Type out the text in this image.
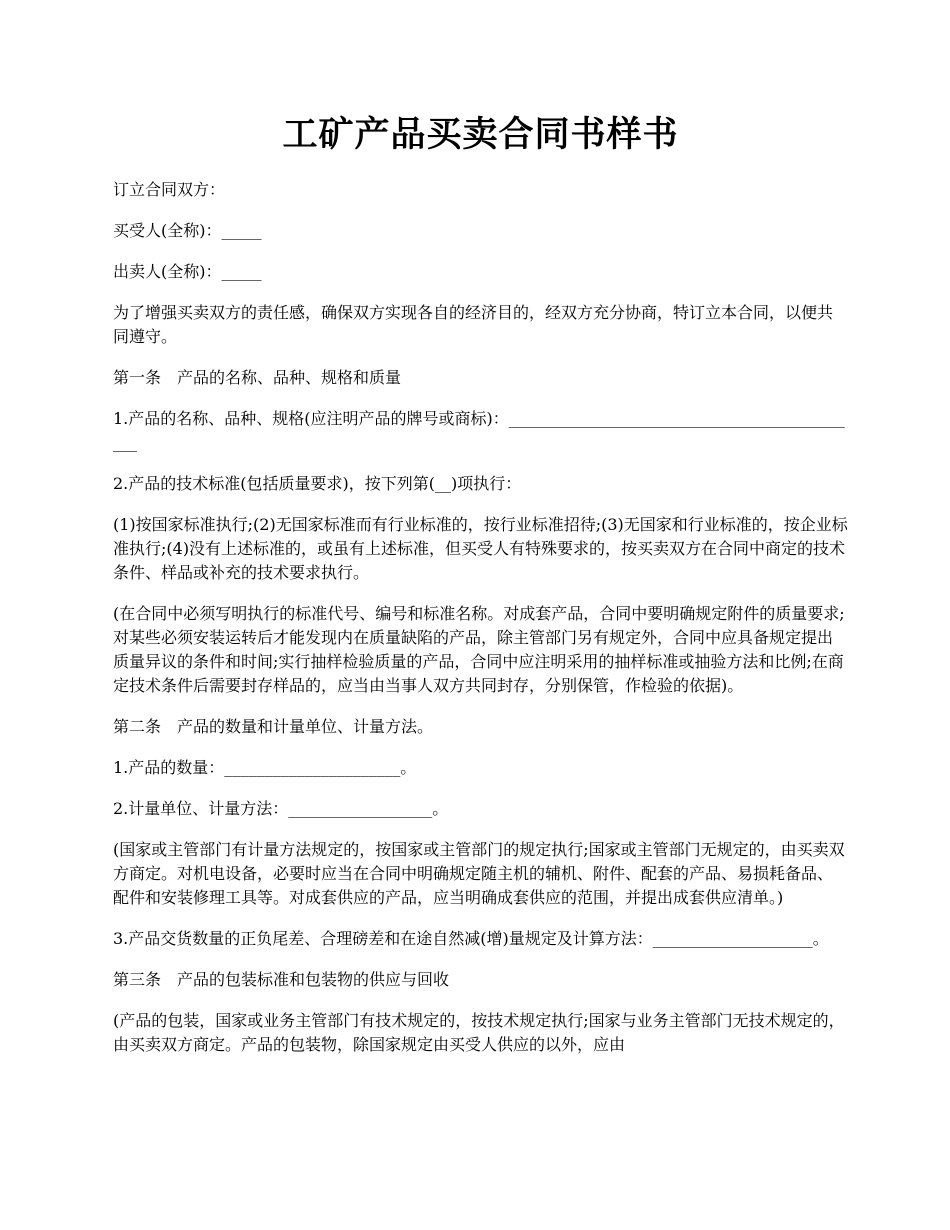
工矿产品买卖合同书样书
订立合同双方：
买受人(全称)：_____
出卖人(全称)：_____
为了增强买卖双方的责任感，确保双方实现各自的经济目的，经双方充分协商，特订立本合同，以便共同遵守。
第一条　产品的名称、品种、规格和质量
1.产品的名称、品种、规格(应注明产品的牌号或商标)：_____________________________________________
2.产品的技术标准(包括质量要求)，按下列第(__)项执行：
(1)按国家标准执行;(2)无国家标准而有行业标准的，按行业标准招待;(3)无国家和行业标准的，按企业标准执行;(4)没有上述标准的，或虽有上述标准，但买受人有特殊要求的，按买卖双方在合同中商定的技术条件、样品或补充的技术要求执行。
(在合同中必须写明执行的标准代号、编号和标准名称。对成套产品，合同中要明确规定附件的质量要求;对某些必须安装运转后才能发现内在质量缺陷的产品，除主管部门另有规定外，合同中应具备规定提出质量异议的条件和时间;实行抽样检验质量的产品，合同中应注明采用的抽样标准或抽验方法和比例;在商定技术条件后需要封存样品的，应当由当事人双方共同封存，分别保管，作检验的依据)。
第二条　产品的数量和计量单位、计量方法。
1.产品的数量：______________________。
2.计量单位、计量方法：__________________。
(国家或主管部门有计量方法规定的，按国家或主管部门的规定执行;国家或主管部门无规定的，由买卖双方商定。对机电设备，必要时应当在合同中明确规定随主机的辅机、附件、配套的产品、易损耗备品、配件和安装修理工具等。对成套供应的产品，应当明确成套供应的范围，并提出成套供应清单。)
3.产品交货数量的正负尾差、合理磅差和在途自然减(增)量规定及计算方法：____________________。
第三条　产品的包装标准和包装物的供应与回收
(产品的包装，国家或业务主管部门有技术规定的，按技术规定执行;国家与业务主管部门无技术规定的，由买卖双方商定。产品的包装物，除国家规定由买受人供应的以外，应由
